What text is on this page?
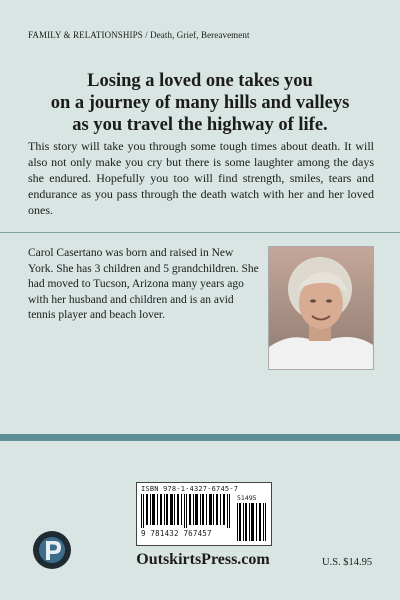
FAMILY & RELATIONSHIPS / Death, Grief, Bereavement
Losing a loved one takes you
on a journey of many hills and valleys
as you travel the highway of life.
This story will take you through some tough times about death. It will also not only make you cry but there is some laughter among the days she endured. Hopefully you too will find strength, smiles, tears and endurance as you pass through the death watch with her and her loved ones.
Carol Casertano was born and raised in New York. She has 3 children and 5 grandchildren. She had moved to Tucson, Arizona many years ago with her husband and children and is an avid tennis player and beach lover.
ISBN 978-1-4327-6745-7
51495
9 781432 767457
OutskirtsPress.com	U.S. $14.95
